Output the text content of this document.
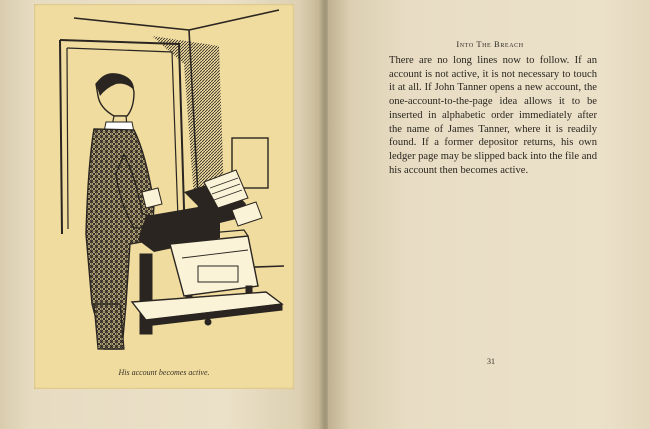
His account becomes active.
Into The Breach
There are no long lines now to follow. If an account is not active, it is not necessary to touch it at all. If John Tanner opens a new account, the one-account-to-the-page idea allows it to be inserted in alphabetic order immediately after the name of James Tanner, where it is readily found. If a former depositor returns, his own ledger page may be slipped back into the file and his account then becomes active.
31
